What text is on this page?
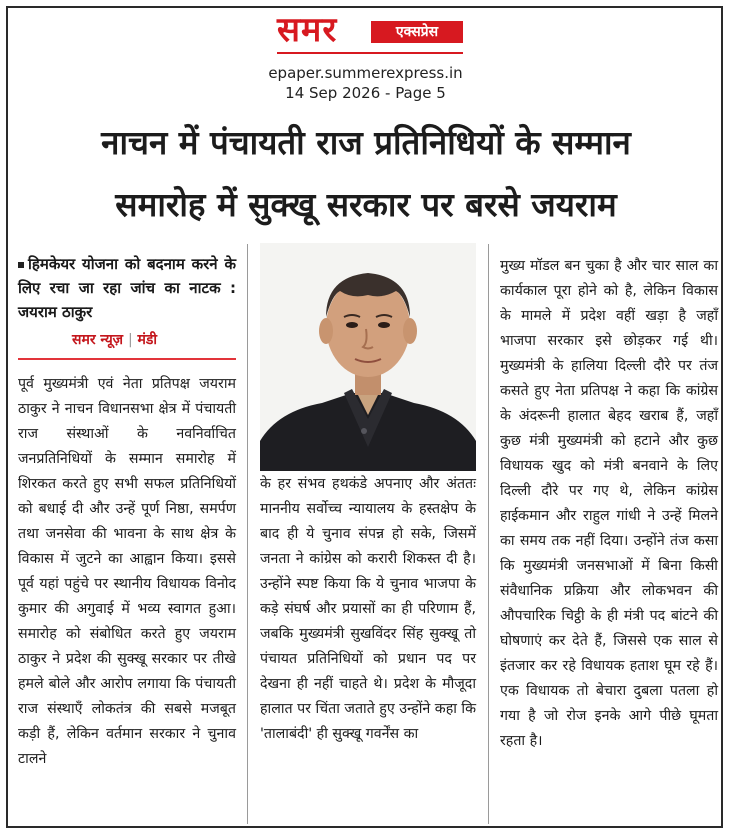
समर	एक्सप्रेस
epaper.summerexpress.in
14 Sep 2026 - Page 5
नाचन में पंचायती राज प्रतिनिधियों के सम्मान
समारोह में सुक्खू सरकार पर बरसे जयराम

हिमकेयर योजना को बदनाम करने के लिए रचा जा रहा जांच का नाटक : जयराम ठाकुर

समर न्यूज़ | मंडी

पूर्व मुख्यमंत्री एवं नेता प्रतिपक्ष जयराम ठाकुर ने नाचन विधानसभा क्षेत्र में पंचायती राज संस्थाओं के नवनिर्वाचित जनप्रतिनिधियों के सम्मान समारोह में शिरकत करते हुए सभी सफल प्रतिनिधियों को बधाई दी और उन्हें पूर्ण निष्ठा, समर्पण तथा जनसेवा की भावना के साथ क्षेत्र के विकास में जुटने का आह्वान किया। इससे पूर्व यहां पहुंचे पर स्थानीय विधायक विनोद कुमार की अगुवाई में भव्य स्वागत हुआ। समारोह को संबोधित करते हुए जयराम ठाकुर ने प्रदेश की सुक्खू सरकार पर तीखे हमले बोले और आरोप लगाया कि पंचायती राज संस्थाएँ लोकतंत्र की सबसे मजबूत कड़ी हैं, लेकिन वर्तमान सरकार ने चुनाव टालने

के हर संभव हथकंडे अपनाए और अंततः माननीय सर्वोच्च न्यायालय के हस्तक्षेप के बाद ही ये चुनाव संपन्न हो सके, जिसमें जनता ने कांग्रेस को करारी शिकस्त दी है। उन्होंने स्पष्ट किया कि ये चुनाव भाजपा के कड़े संघर्ष और प्रयासों का ही परिणाम हैं, जबकि मुख्यमंत्री सुखविंदर सिंह सुक्खू तो पंचायत प्रतिनिधियों को प्रधान पद पर देखना ही नहीं चाहते थे। प्रदेश के मौजूदा हालात पर चिंता जताते हुए उन्होंने कहा कि 'तालाबंदी' ही सुक्खू गवर्नेंस का

मुख्य मॉडल बन चुका है और चार साल का कार्यकाल पूरा होने को है, लेकिन विकास के मामले में प्रदेश वहीं खड़ा है जहाँ भाजपा सरकार इसे छोड़कर गई थी। मुख्यमंत्री के हालिया दिल्ली दौरे पर तंज कसते हुए नेता प्रतिपक्ष ने कहा कि कांग्रेस के अंदरूनी हालात बेहद खराब हैं, जहाँ कुछ मंत्री मुख्यमंत्री को हटाने और कुछ विधायक खुद को मंत्री बनवाने के लिए दिल्ली दौरे पर गए थे, लेकिन कांग्रेस हाईकमान और राहुल गांधी ने उन्हें मिलने का समय तक नहीं दिया। उन्होंने तंज कसा कि मुख्यमंत्री जनसभाओं में बिना किसी संवैधानिक प्रक्रिया और लोकभवन की औपचारिक चिट्ठी के ही मंत्री पद बांटने की घोषणाएं कर देते हैं, जिससे एक साल से इंतजार कर रहे विधायक हताश घूम रहे हैं। एक विधायक तो बेचारा दुबला पतला हो गया है जो रोज इनके आगे पीछे घूमता रहता है।
